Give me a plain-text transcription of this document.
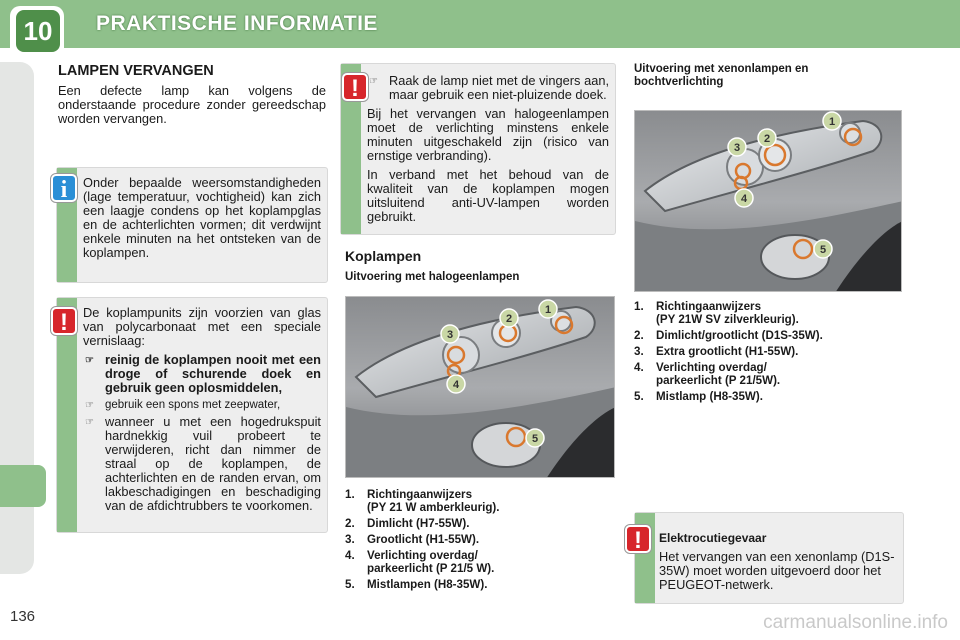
10	PRAKTISCHE INFORMATIE
LAMPEN VERVANGEN
Een defecte lamp kan volgens de onderstaande procedure zonder gereedschap worden vervangen.
Onder bepaalde weersomstandigheden (lage temperatuur, vochtigheid) kan zich een laagje condens op het koplampglas en de achterlichten vormen; dit verdwijnt enkele minuten na het ontsteken van de koplampen.
i

De koplampunits zijn voorzien van glas van polycarbonaat met een speciale vernislaag:

☞ reinig de koplampen nooit met een droge of schurende doek en gebruik geen oplosmiddelen,
☞ gebruik een spons met zeepwater,
☞ wanneer u met een hogedrukspuit hardnekkig vuil probeert te verwijderen, richt dan nimmer de straal op de koplampen, de achterlichten en de randen ervan, om lakbeschadigingen en beschadiging van de afdichtrubbers te voorkomen.
!
☞ Raak de lamp niet met de vingers aan, maar gebruik een niet-pluizende doek.

Bij het vervangen van halogeenlampen moet de verlichting minstens enkele minuten uitgeschakeld zijn (risico van ernstige verbranding).

In verband met het behoud van de kwaliteit van de koplampen mogen uitsluitend anti-UV-lampen worden gebruikt.

!
Koplampen
Uitvoering met halogeenlampen
1
2
3
4
5
1. Richtingaanwijzers
(PY 21 W amberkleurig).
2. Dimlicht (H7-55W).
3. Grootlicht (H1-55W).
4. Verlichting overdag/
parkeerlicht (P 21/5 W).
5. Mistlampen (H8-35W).
Uitvoering met xenonlampen en bochtverlichting
1
2
3
4
5
1. Richtingaanwijzers
(PY 21W SV zilverkleurig).
2. Dimlicht/grootlicht (D1S-35W).
3. Extra grootlicht (H1-55W).
4. Verlichting overdag/
parkeerlicht (P 21/5W).
5. Mistlamp (H8-35W).

Elektrocutiegevaar

Het vervangen van een xenonlamp (D1S-35W) moet worden uitgevoerd door het PEUGEOT-netwerk.

!
136	carmanualsonline.info
